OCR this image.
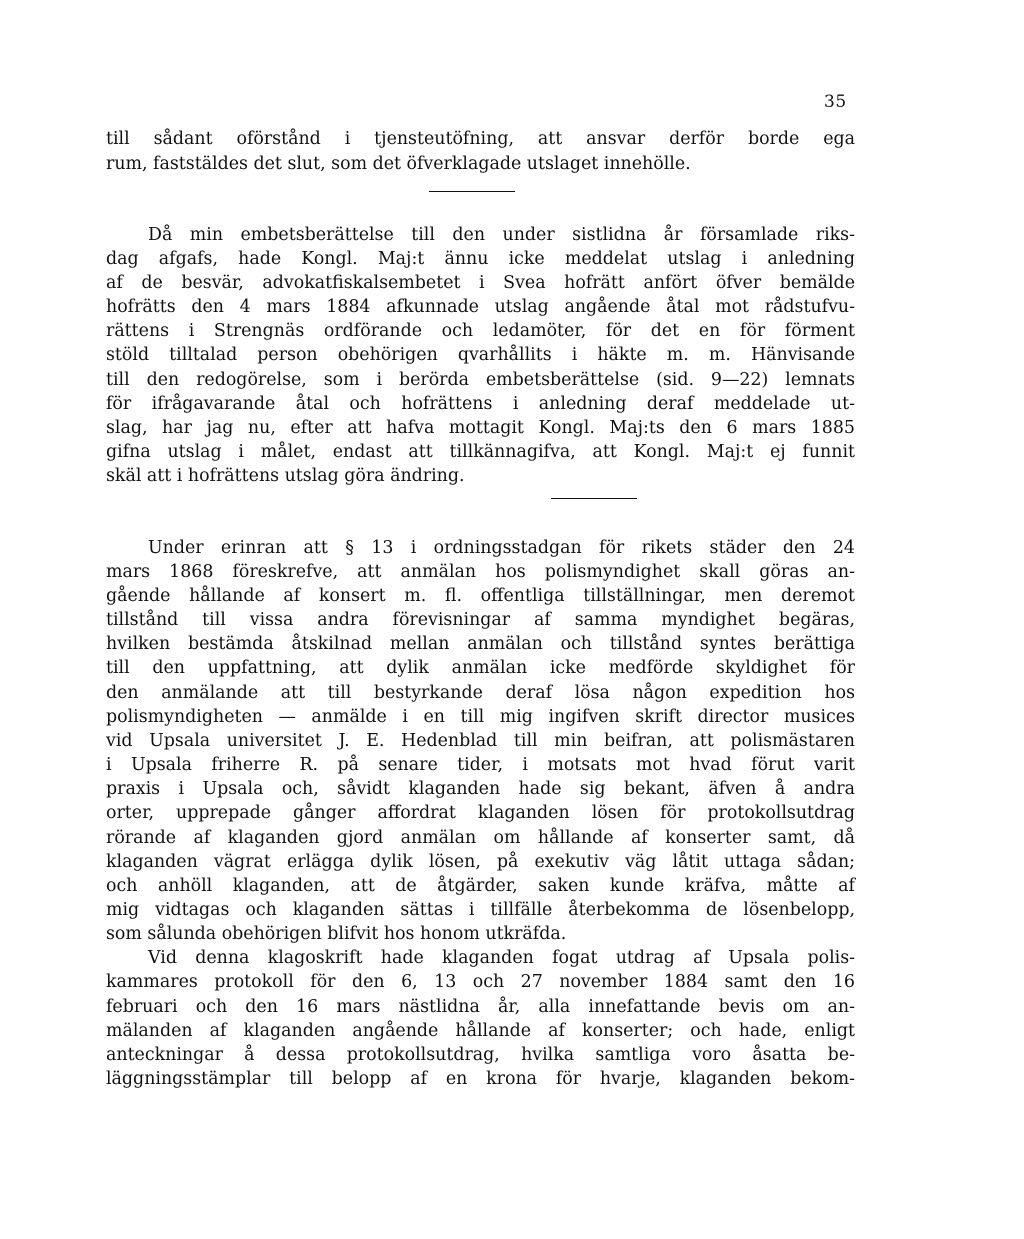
35

till sådant oförstånd i tjensteutöfning, att ansvar derför borde ega

rum, faststäldes det slut, som det öfverklagade utslaget innehölle.

Då min embetsberättelse till den under sistlidna år församlade riks-

dag afgafs, hade Kongl. Maj:t ännu icke meddelat utslag i anledning

af de besvär, advokatfiskalsembetet i Svea hofrätt anfört öfver bemälde

hofrätts den 4 mars 1884 afkunnade utslag angående åtal mot rådstufvu-

rättens i Strengnäs ordförande och ledamöter, för det en för förment

stöld tilltalad person obehörigen qvarhållits i häkte m. m. Hänvisande

till den redogörelse, som i berörda embetsberättelse (sid. 9—22) lemnats

för ifrågavarande åtal och hofrättens i anledning deraf meddelade ut-

slag, har jag nu, efter att hafva mottagit Kongl. Maj:ts den 6 mars 1885

gifna utslag i målet, endast att tillkännagifva, att Kongl. Maj:t ej funnit

skäl att i hofrättens utslag göra ändring.

Under erinran att § 13 i ordningsstadgan för rikets städer den 24

mars 1868 föreskrefve, att anmälan hos polismyndighet skall göras an-

gående hållande af konsert m. fl. offentliga tillställningar, men deremot

tillstånd till vissa andra förevisningar af samma myndighet begäras,

hvilken bestämda åtskilnad mellan anmälan och tillstånd syntes berättiga

till den uppfattning, att dylik anmälan icke medförde skyldighet för

den anmälande att till bestyrkande deraf lösa någon expedition hos

polismyndigheten — anmälde i en till mig ingifven skrift director musices

vid Upsala universitet J. E. Hedenblad till min beifran, att polismästaren

i Upsala friherre R. på senare tider, i motsats mot hvad förut varit

praxis i Upsala och, såvidt klaganden hade sig bekant, äfven å andra

orter, upprepade gånger affordrat klaganden lösen för protokollsutdrag

rörande af klaganden gjord anmälan om hållande af konserter samt, då

klaganden vägrat erlägga dylik lösen, på exekutiv väg låtit uttaga sådan;

och anhöll klaganden, att de åtgärder, saken kunde kräfva, måtte af

mig vidtagas och klaganden sättas i tillfälle återbekomma de lösenbelopp,

som sålunda obehörigen blifvit hos honom utkräfda.

Vid denna klagoskrift hade klaganden fogat utdrag af Upsala polis-

kammares protokoll för den 6, 13 och 27 november 1884 samt den 16

februari och den 16 mars nästlidna år, alla innefattande bevis om an-

mälanden af klaganden angående hållande af konserter; och hade, enligt

anteckningar å dessa protokollsutdrag, hvilka samtliga voro åsatta be-

läggningsstämplar till belopp af en krona för hvarje, klaganden bekom-
